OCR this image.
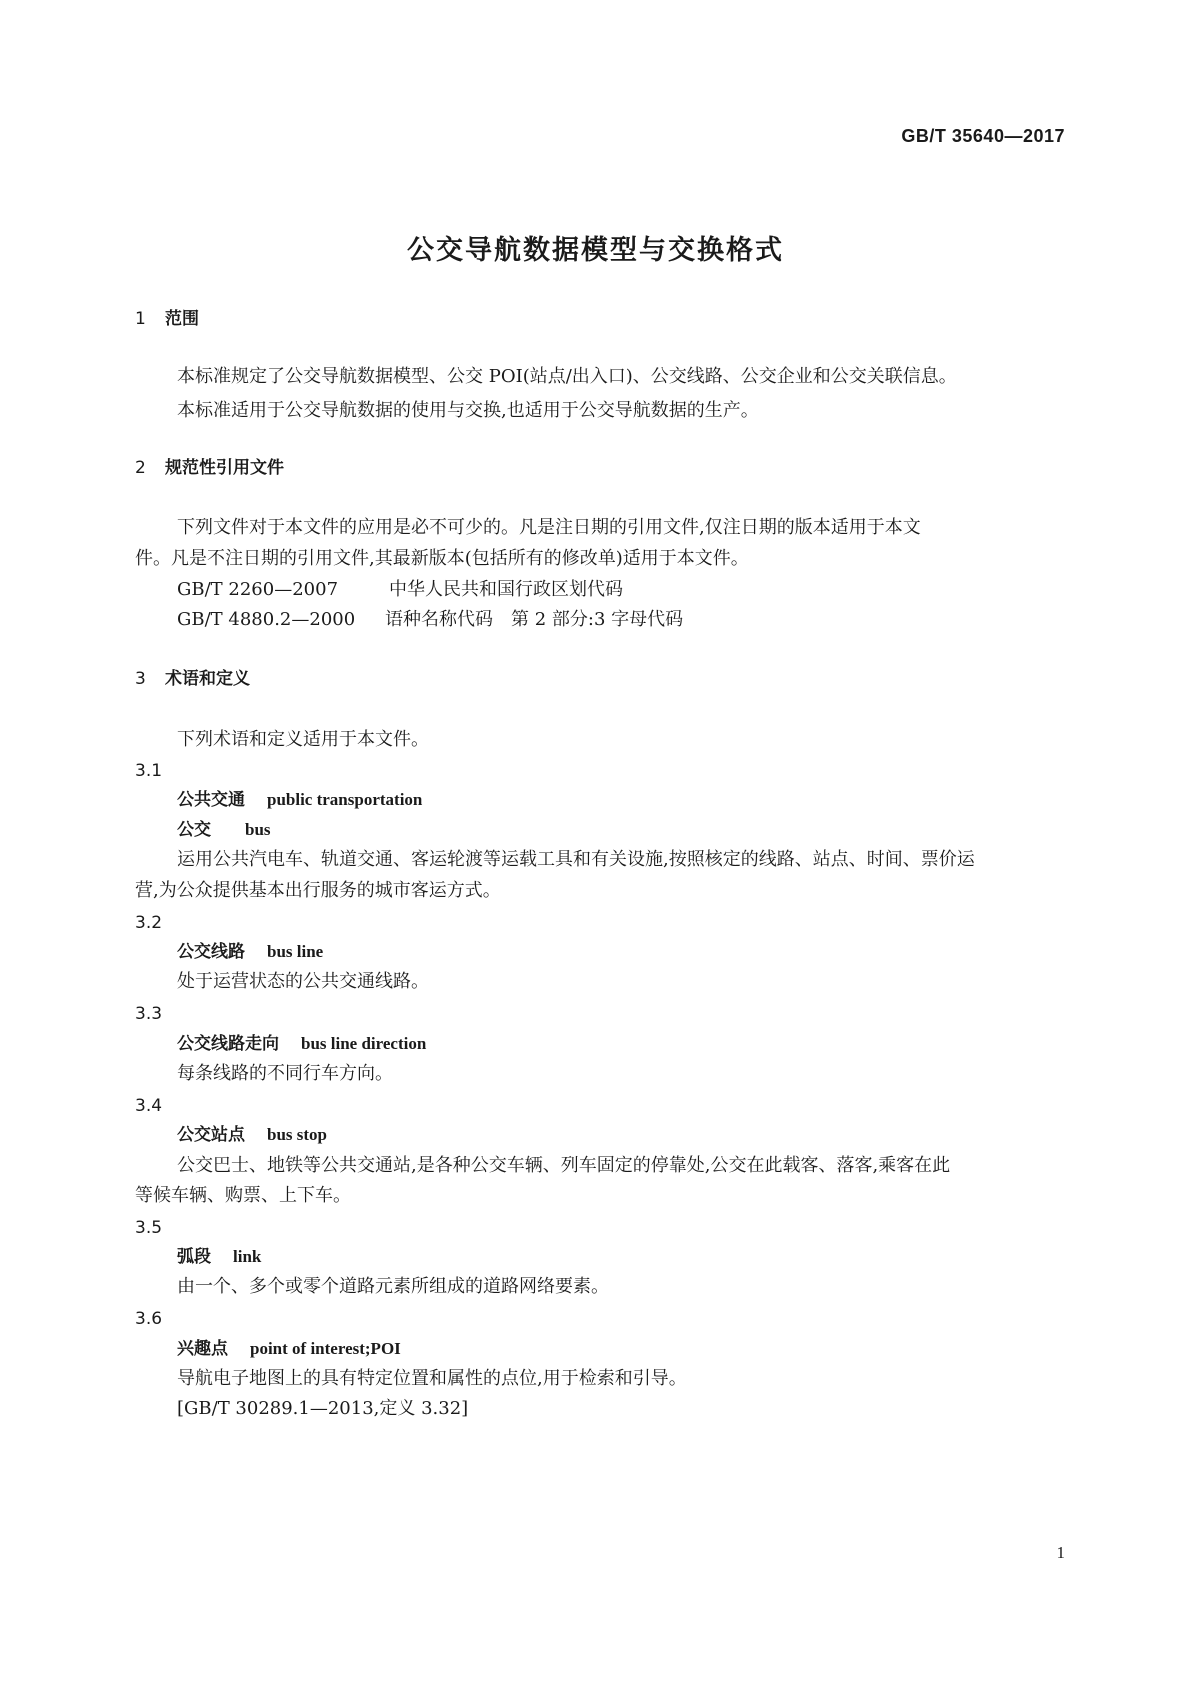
GB/T 35640—2017
公交导航数据模型与交换格式
1 范围
本标准规定了公交导航数据模型、公交 POI(站点/出入口)、公交线路、公交企业和公交关联信息。
本标准适用于公交导航数据的使用与交换,也适用于公交导航数据的生产。
2 规范性引用文件
下列文件对于本文件的应用是必不可少的。凡是注日期的引用文件,仅注日期的版本适用于本文
件。凡是不注日期的引用文件,其最新版本(包括所有的修改单)适用于本文件。
GB/T 2260—2007	中华人民共和国行政区划代码
GB/T 4880.2—2000 语种名称代码　第 2 部分:3 字母代码
3 术语和定义
下列术语和定义适用于本文件。
3.1
公共交通 public transportation
公交 bus
运用公共汽电车、轨道交通、客运轮渡等运载工具和有关设施,按照核定的线路、站点、时间、票价运
营,为公众提供基本出行服务的城市客运方式。
3.2
公交线路 bus line
处于运营状态的公共交通线路。
3.3
公交线路走向 bus line direction
每条线路的不同行车方向。
3.4
公交站点 bus stop
公交巴士、地铁等公共交通站,是各种公交车辆、列车固定的停靠处,公交在此载客、落客,乘客在此
等候车辆、购票、上下车。
3.5
弧段 link
由一个、多个或零个道路元素所组成的道路网络要素。
3.6
兴趣点 point of interest;POI
导航电子地图上的具有特定位置和属性的点位,用于检索和引导。
[GB/T 30289.1—2013,定义 3.32]
1
